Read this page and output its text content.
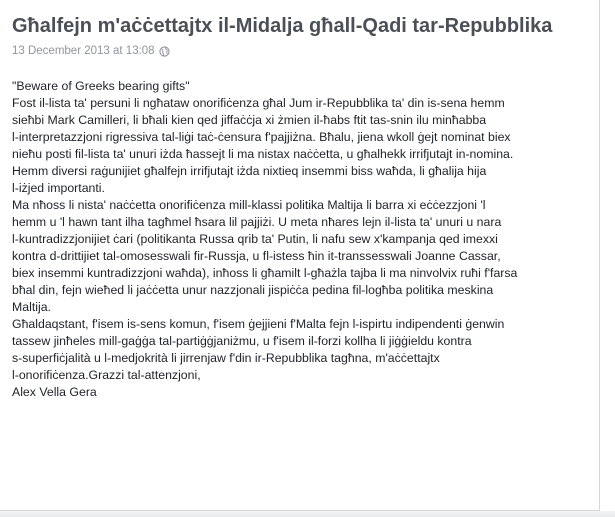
Għalfejn m'aċċettajtx il-Midalja għall-Qadi tar-Repubblika
13 December 2013 at 13:08
"Beware of Greeks bearing gifts"
Fost il-lista ta' persuni li ngħataw onorifiċenza għal Jum ir-Repubblika ta' din is-sena hemm
sieħbi Mark Camilleri, li bħali kien qed jiffaċċja xi żmien il-ħabs ftit tas-snin ilu minħabba
l-interpretazzjoni rigressiva tal-liġi taċ-ċensura f'pajjiżna. Bħalu, jiena wkoll ġejt nominat biex
nieħu posti fil-lista ta' unuri iżda ħassejt li ma nistax naċċetta, u għalhekk irrifjutajt in-nomina.
Hemm diversi raġunijiet għalfejn irrifjutajt iżda nixtieq insemmi biss waħda, li għalija hija
l-iżjed importanti.
Ma nħoss li nista' naċċetta onorifiċenza mill-klassi politika Maltija li barra xi eċċezzjoni 'l
hemm u 'l hawn tant ilha tagħmel ħsara lil pajjiżi. U meta nħares lejn il-lista ta' unuri u nara
l-kuntradizzjonijiet ċari (politikanta Russa qrib ta' Putin, li nafu sew x'kampanja qed imexxi
kontra d-drittijiet tal-omosesswali fir-Russja, u fl-istess ħin it-transsesswali Joanne Cassar,
biex insemmi kuntradizzjoni waħda), inħoss li għamilt l-għażla tajba li ma ninvolvix ruħi f'farsa
bħal din, fejn wieħed li jaċċetta unur nazzjonali jispiċċa pedina fil-logħba politika meskina
Maltija.
Għaldaqstant, f'isem is-sens komun, f'isem ġejjieni f'Malta fejn l-ispirtu indipendenti ġenwin
tassew jinħeles mill-gaġġa tal-partiġġjaniżmu, u f'isem il-forzi kollha li jiġġieldu kontra
s-superfiċjalità u l-medjokrità li jirrenjaw f'din ir-Repubblika tagħna, m'aċċettajtx
l-onorifiċenza.Grazzi tal-attenzjoni,
Alex Vella Gera
